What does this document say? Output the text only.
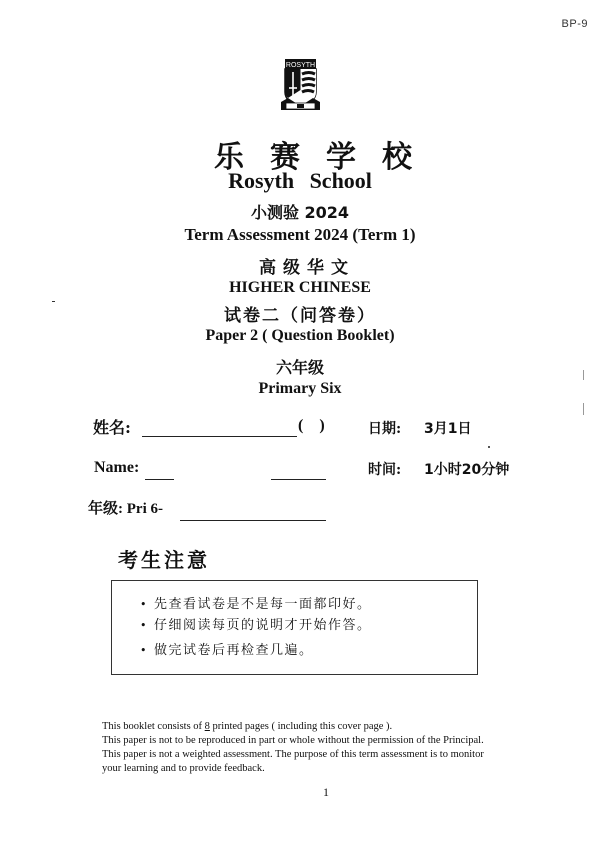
BP-9
ROSYTH
乐赛学校
Rosyth School
小测验 2024
Term Assessment 2024 (Term 1)
高级华文
HIGHER CHINESE
试卷二（问答卷）
Paper 2 ( Question Booklet)
六年级
Primary Six
姓名:	(    )	日期: 3月1日
Name:	时间: 1小时20分钟
年级: Pri 6-
考生注意
• 先查看试卷是不是每一面都印好。
• 仔细阅读每页的说明才开始作答。
• 做完试卷后再检查几遍。
This booklet consists of 8 printed pages ( including this cover page ).
This paper is not to be reproduced in part or whole without the permission of the Principal.
This paper is not a weighted assessment. The purpose of this term assessment is to monitor
your learning and to provide feedback.
1
